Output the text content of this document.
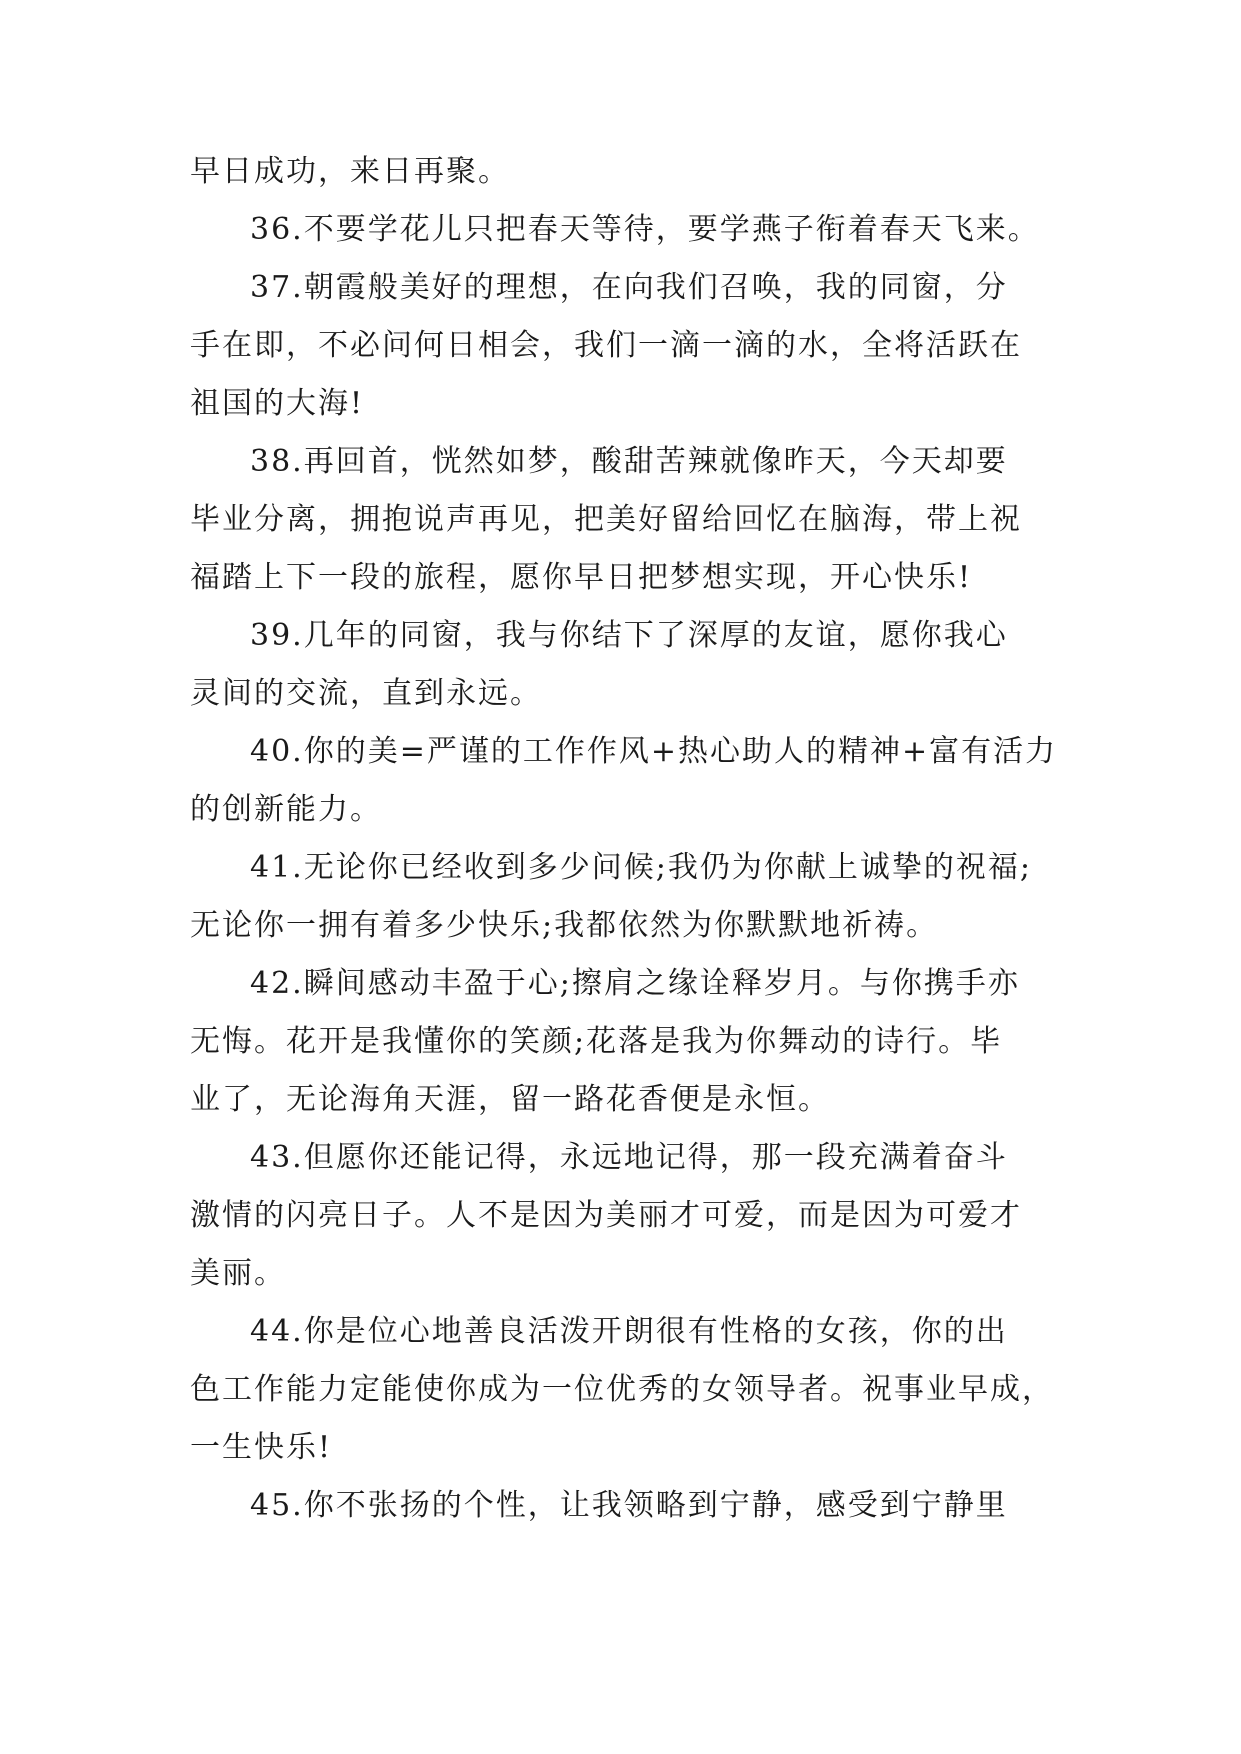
早日成功，来日再聚。
36.不要学花儿只把春天等待，要学燕子衔着春天飞来。
37.朝霞般美好的理想，在向我们召唤，我的同窗，分
手在即，不必问何日相会，我们一滴一滴的水，全将活跃在
祖国的大海!
38.再回首，恍然如梦，酸甜苦辣就像昨天，今天却要
毕业分离，拥抱说声再见，把美好留给回忆在脑海，带上祝
福踏上下一段的旅程，愿你早日把梦想实现，开心快乐!
39.几年的同窗，我与你结下了深厚的友谊，愿你我心
灵间的交流，直到永远。
40.你的美=严谨的工作作风+热心助人的精神+富有活力
的创新能力。
41.无论你已经收到多少问候;我仍为你献上诚挚的祝福;
无论你一拥有着多少快乐;我都依然为你默默地祈祷。
42.瞬间感动丰盈于心;擦肩之缘诠释岁月。与你携手亦
无悔。花开是我懂你的笑颜;花落是我为你舞动的诗行。毕
业了，无论海角天涯，留一路花香便是永恒。
43.但愿你还能记得，永远地记得，那一段充满着奋斗
激情的闪亮日子。人不是因为美丽才可爱，而是因为可爱才
美丽。
44.你是位心地善良活泼开朗很有性格的女孩，你的出
色工作能力定能使你成为一位优秀的女领导者。祝事业早成，
一生快乐!
45.你不张扬的个性，让我领略到宁静，感受到宁静里
